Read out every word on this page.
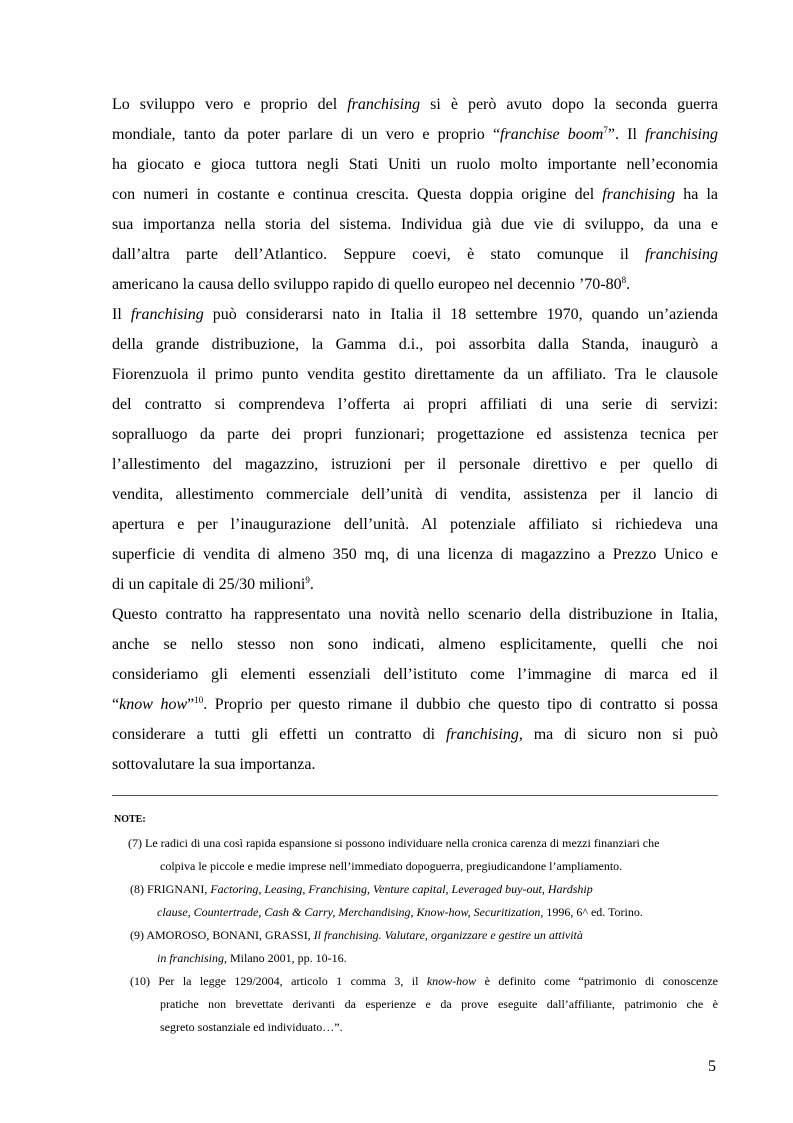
Lo sviluppo vero e proprio del franchising si è però avuto dopo la seconda guerra
mondiale, tanto da poter parlare di un vero e proprio “franchise boom$^7$”. Il franchising
ha giocato e gioca tuttora negli Stati Uniti un ruolo molto importante nell’economia
con numeri in costante e continua crescita. Questa doppia origine del franchising ha la
sua importanza nella storia del sistema. Individua già due vie di sviluppo, da una e
dall’altra parte dell’Atlantico. Seppure coevi, è stato comunque il franchising
americano la causa dello sviluppo rapido di quello europeo nel decennio $’70-80^8$.
Il franchising può considerarsi nato in Italia il 18 settembre 1970, quando un’azienda
della grande distribuzione, la Gamma d.i., poi assorbita dalla Standa, inaugurò a
Fiorenzuola il primo punto vendita gestito direttamente da un affiliato. Tra le clausole
del contratto si comprendeva l’offerta ai propri affiliati di una serie di servizi:
sopralluogo da parte dei propri funzionari; progettazione ed assistenza tecnica per
l’allestimento del magazzino, istruzioni per il personale direttivo e per quello di
vendita, allestimento commerciale dell’unità di vendita, assistenza per il lancio di
apertura e per l’inaugurazione dell’unità. Al potenziale affiliato si richiedeva una
superficie di vendita di almeno 350 mq, di una licenza di magazzino a Prezzo Unico e
di un capitale di 25/30 milioni$^9$.
Questo contratto ha rappresentato una novità nello scenario della distribuzione in Italia,
anche se nello stesso non sono indicati, almeno esplicitamente, quelli che noi
consideriamo gli elementi essenziali dell’istituto come l’immagine di marca ed il
“know how”$^{10}$. Proprio per questo rimane il dubbio che questo tipo di contratto si possa
considerare a tutti gli effetti un contratto di franchising, ma di sicuro non si può
sottovalutare la sua importanza.
NOTE:
(7) Le radici di una così rapida espansione si possono individuare nella cronica carenza di mezzi finanziari che
colpiva le piccole e medie imprese nell’immediato dopoguerra, pregiudicandone l’ampliamento.
(8) FRIGNANI, Factoring, Leasing, Franchising, Venture capital, Leveraged buy-out, Hardship
clause, Countertrade, Cash & Carry, Merchandising, Know-how, Securitization, 1996, 6^ ed. Torino.
(9) AMOROSO, BONANI, GRASSI, Il franchising. Valutare, organizzare e gestire un attività
in franchising, Milano 2001, pp. 10-16.
(10) Per la legge 129/2004, articolo 1 comma 3, il know-how è definito come “patrimonio di conoscenze
pratiche non brevettate derivanti da esperienze e da prove eseguite dall’affiliante, patrimonio che è
segreto sostanziale ed individuato…”.
5
